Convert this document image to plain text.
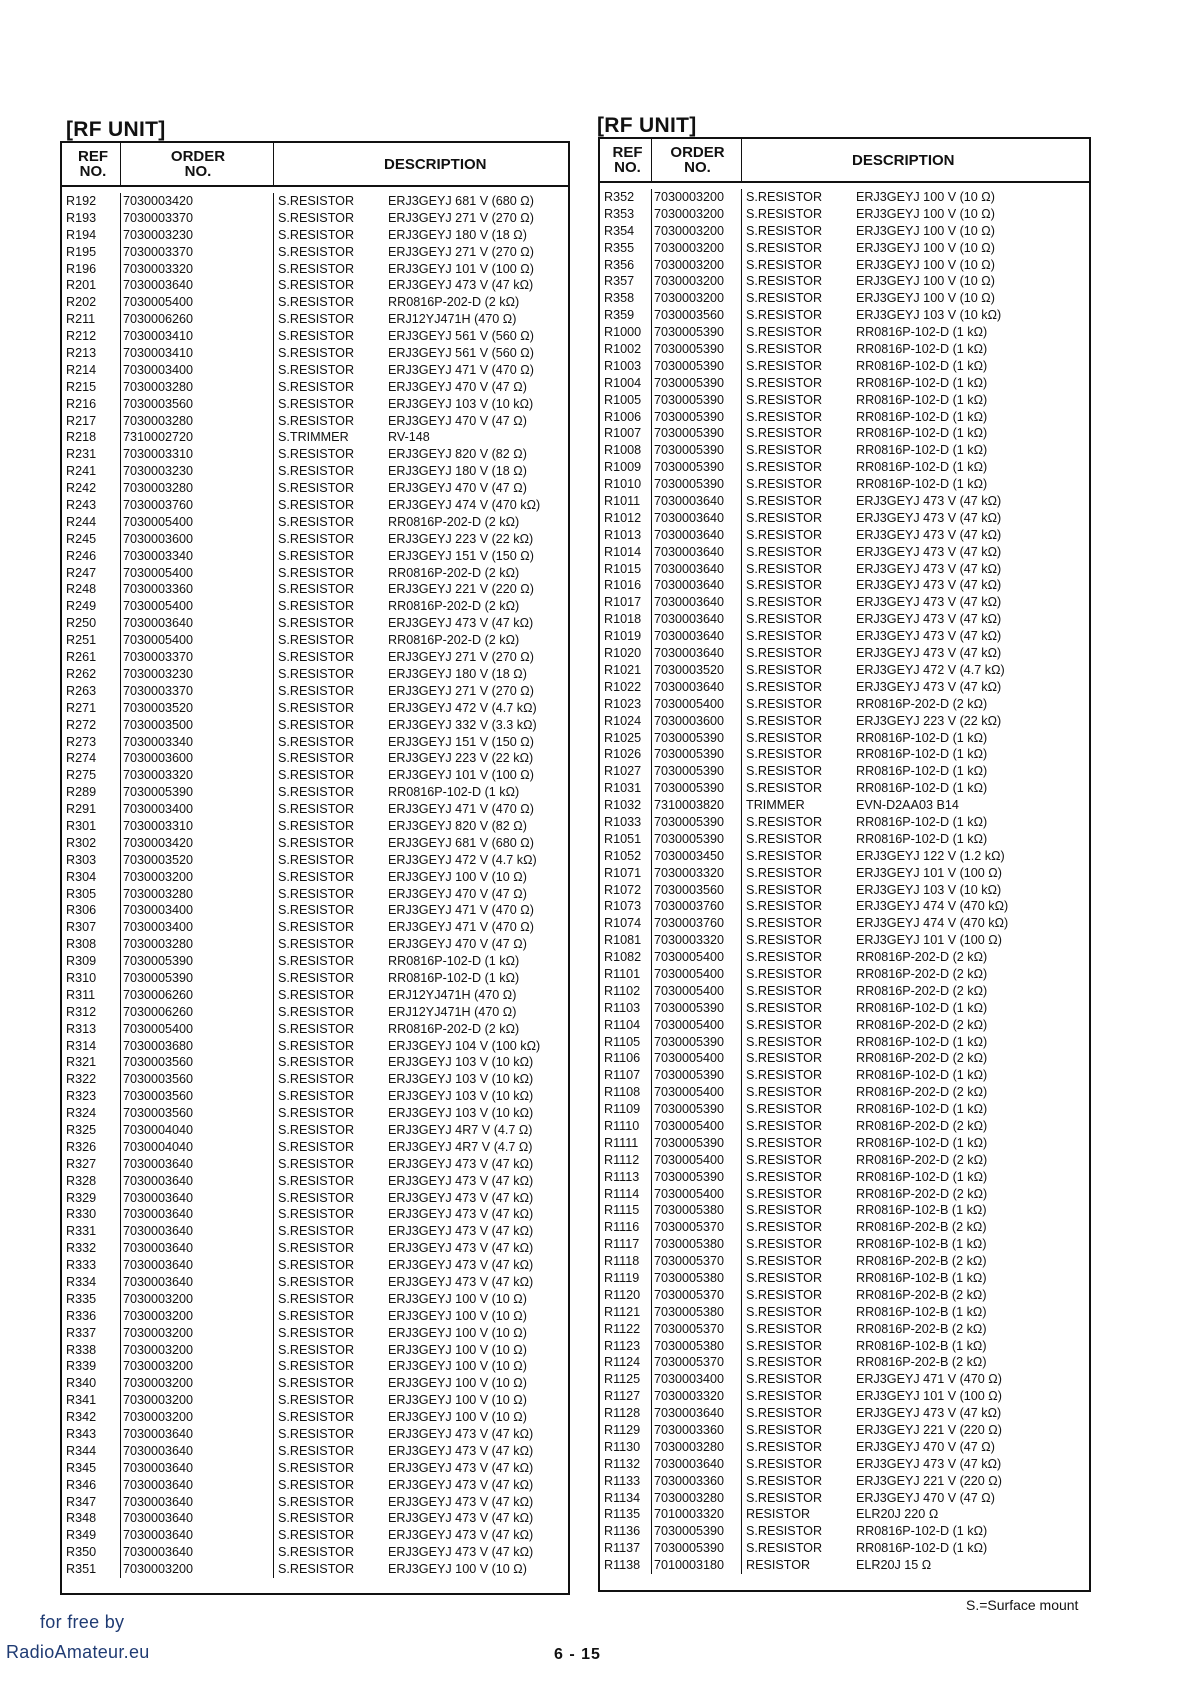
[RF UNIT]
REF
NO.
ORDER
NO.	DESCRIPTION
R192	7030003420	S.RESISTOR	ERJ3GEYJ 681 V (680 Ω)
R193	7030003370	S.RESISTOR	ERJ3GEYJ 271 V (270 Ω)
R194	7030003230	S.RESISTOR	ERJ3GEYJ 180 V (18 Ω)
R195	7030003370	S.RESISTOR	ERJ3GEYJ 271 V (270 Ω)
R196	7030003320	S.RESISTOR	ERJ3GEYJ 101 V (100 Ω)
R201	7030003640	S.RESISTOR	ERJ3GEYJ 473 V (47 kΩ)
R202	7030005400	S.RESISTOR	RR0816P-202-D (2 kΩ)
R211	7030006260	S.RESISTOR	ERJ12YJ471H (470 Ω)
R212	7030003410	S.RESISTOR	ERJ3GEYJ 561 V (560 Ω)
R213	7030003410	S.RESISTOR	ERJ3GEYJ 561 V (560 Ω)
R214	7030003400	S.RESISTOR	ERJ3GEYJ 471 V (470 Ω)
R215	7030003280	S.RESISTOR	ERJ3GEYJ 470 V (47 Ω)
R216	7030003560	S.RESISTOR	ERJ3GEYJ 103 V (10 kΩ)
R217	7030003280	S.RESISTOR	ERJ3GEYJ 470 V (47 Ω)
R218	7310002720	S.TRIMMER	RV-148
R231	7030003310	S.RESISTOR	ERJ3GEYJ 820 V (82 Ω)
R241	7030003230	S.RESISTOR	ERJ3GEYJ 180 V (18 Ω)
R242	7030003280	S.RESISTOR	ERJ3GEYJ 470 V (47 Ω)
R243	7030003760	S.RESISTOR	ERJ3GEYJ 474 V (470 kΩ)
R244	7030005400	S.RESISTOR	RR0816P-202-D (2 kΩ)
R245	7030003600	S.RESISTOR	ERJ3GEYJ 223 V (22 kΩ)
R246	7030003340	S.RESISTOR	ERJ3GEYJ 151 V (150 Ω)
R247	7030005400	S.RESISTOR	RR0816P-202-D (2 kΩ)
R248	7030003360	S.RESISTOR	ERJ3GEYJ 221 V (220 Ω)
R249	7030005400	S.RESISTOR	RR0816P-202-D (2 kΩ)
R250	7030003640	S.RESISTOR	ERJ3GEYJ 473 V (47 kΩ)
R251	7030005400	S.RESISTOR	RR0816P-202-D (2 kΩ)
R261	7030003370	S.RESISTOR	ERJ3GEYJ 271 V (270 Ω)
R262	7030003230	S.RESISTOR	ERJ3GEYJ 180 V (18 Ω)
R263	7030003370	S.RESISTOR	ERJ3GEYJ 271 V (270 Ω)
R271	7030003520	S.RESISTOR	ERJ3GEYJ 472 V (4.7 kΩ)
R272	7030003500	S.RESISTOR	ERJ3GEYJ 332 V (3.3 kΩ)
R273	7030003340	S.RESISTOR	ERJ3GEYJ 151 V (150 Ω)
R274	7030003600	S.RESISTOR	ERJ3GEYJ 223 V (22 kΩ)
R275	7030003320	S.RESISTOR	ERJ3GEYJ 101 V (100 Ω)
R289	7030005390	S.RESISTOR	RR0816P-102-D (1 kΩ)
R291	7030003400	S.RESISTOR	ERJ3GEYJ 471 V (470 Ω)
R301	7030003310	S.RESISTOR	ERJ3GEYJ 820 V (82 Ω)
R302	7030003420	S.RESISTOR	ERJ3GEYJ 681 V (680 Ω)
R303	7030003520	S.RESISTOR	ERJ3GEYJ 472 V (4.7 kΩ)
R304	7030003200	S.RESISTOR	ERJ3GEYJ 100 V (10 Ω)
R305	7030003280	S.RESISTOR	ERJ3GEYJ 470 V (47 Ω)
R306	7030003400	S.RESISTOR	ERJ3GEYJ 471 V (470 Ω)
R307	7030003400	S.RESISTOR	ERJ3GEYJ 471 V (470 Ω)
R308	7030003280	S.RESISTOR	ERJ3GEYJ 470 V (47 Ω)
R309	7030005390	S.RESISTOR	RR0816P-102-D (1 kΩ)
R310	7030005390	S.RESISTOR	RR0816P-102-D (1 kΩ)
R311	7030006260	S.RESISTOR	ERJ12YJ471H (470 Ω)
R312	7030006260	S.RESISTOR	ERJ12YJ471H (470 Ω)
R313	7030005400	S.RESISTOR	RR0816P-202-D (2 kΩ)
R314	7030003680	S.RESISTOR	ERJ3GEYJ 104 V (100 kΩ)
R321	7030003560	S.RESISTOR	ERJ3GEYJ 103 V (10 kΩ)
R322	7030003560	S.RESISTOR	ERJ3GEYJ 103 V (10 kΩ)
R323	7030003560	S.RESISTOR	ERJ3GEYJ 103 V (10 kΩ)
R324	7030003560	S.RESISTOR	ERJ3GEYJ 103 V (10 kΩ)
R325	7030004040	S.RESISTOR	ERJ3GEYJ 4R7 V (4.7 Ω)
R326	7030004040	S.RESISTOR	ERJ3GEYJ 4R7 V (4.7 Ω)
R327	7030003640	S.RESISTOR	ERJ3GEYJ 473 V (47 kΩ)
R328	7030003640	S.RESISTOR	ERJ3GEYJ 473 V (47 kΩ)
R329	7030003640	S.RESISTOR	ERJ3GEYJ 473 V (47 kΩ)
R330	7030003640	S.RESISTOR	ERJ3GEYJ 473 V (47 kΩ)
R331	7030003640	S.RESISTOR	ERJ3GEYJ 473 V (47 kΩ)
R332	7030003640	S.RESISTOR	ERJ3GEYJ 473 V (47 kΩ)
R333	7030003640	S.RESISTOR	ERJ3GEYJ 473 V (47 kΩ)
R334	7030003640	S.RESISTOR	ERJ3GEYJ 473 V (47 kΩ)
R335	7030003200	S.RESISTOR	ERJ3GEYJ 100 V (10 Ω)
R336	7030003200	S.RESISTOR	ERJ3GEYJ 100 V (10 Ω)
R337	7030003200	S.RESISTOR	ERJ3GEYJ 100 V (10 Ω)
R338	7030003200	S.RESISTOR	ERJ3GEYJ 100 V (10 Ω)
R339	7030003200	S.RESISTOR	ERJ3GEYJ 100 V (10 Ω)
R340	7030003200	S.RESISTOR	ERJ3GEYJ 100 V (10 Ω)
R341	7030003200	S.RESISTOR	ERJ3GEYJ 100 V (10 Ω)
R342	7030003200	S.RESISTOR	ERJ3GEYJ 100 V (10 Ω)
R343	7030003640	S.RESISTOR	ERJ3GEYJ 473 V (47 kΩ)
R344	7030003640	S.RESISTOR	ERJ3GEYJ 473 V (47 kΩ)
R345	7030003640	S.RESISTOR	ERJ3GEYJ 473 V (47 kΩ)
R346	7030003640	S.RESISTOR	ERJ3GEYJ 473 V (47 kΩ)
R347	7030003640	S.RESISTOR	ERJ3GEYJ 473 V (47 kΩ)
R348	7030003640	S.RESISTOR	ERJ3GEYJ 473 V (47 kΩ)
R349	7030003640	S.RESISTOR	ERJ3GEYJ 473 V (47 kΩ)
R350	7030003640	S.RESISTOR	ERJ3GEYJ 473 V (47 kΩ)
R351	7030003200	S.RESISTOR	ERJ3GEYJ 100 V (10 Ω)
[RF UNIT]
REF
NO.
ORDER
NO.	DESCRIPTION
R352	7030003200	S.RESISTOR	ERJ3GEYJ 100 V (10 Ω)
R353	7030003200	S.RESISTOR	ERJ3GEYJ 100 V (10 Ω)
R354	7030003200	S.RESISTOR	ERJ3GEYJ 100 V (10 Ω)
R355	7030003200	S.RESISTOR	ERJ3GEYJ 100 V (10 Ω)
R356	7030003200	S.RESISTOR	ERJ3GEYJ 100 V (10 Ω)
R357	7030003200	S.RESISTOR	ERJ3GEYJ 100 V (10 Ω)
R358	7030003200	S.RESISTOR	ERJ3GEYJ 100 V (10 Ω)
R359	7030003560	S.RESISTOR	ERJ3GEYJ 103 V (10 kΩ)
R1000	7030005390	S.RESISTOR	RR0816P-102-D (1 kΩ)
R1002	7030005390	S.RESISTOR	RR0816P-102-D (1 kΩ)
R1003	7030005390	S.RESISTOR	RR0816P-102-D (1 kΩ)
R1004	7030005390	S.RESISTOR	RR0816P-102-D (1 kΩ)
R1005	7030005390	S.RESISTOR	RR0816P-102-D (1 kΩ)
R1006	7030005390	S.RESISTOR	RR0816P-102-D (1 kΩ)
R1007	7030005390	S.RESISTOR	RR0816P-102-D (1 kΩ)
R1008	7030005390	S.RESISTOR	RR0816P-102-D (1 kΩ)
R1009	7030005390	S.RESISTOR	RR0816P-102-D (1 kΩ)
R1010	7030005390	S.RESISTOR	RR0816P-102-D (1 kΩ)
R1011	7030003640	S.RESISTOR	ERJ3GEYJ 473 V (47 kΩ)
R1012	7030003640	S.RESISTOR	ERJ3GEYJ 473 V (47 kΩ)
R1013	7030003640	S.RESISTOR	ERJ3GEYJ 473 V (47 kΩ)
R1014	7030003640	S.RESISTOR	ERJ3GEYJ 473 V (47 kΩ)
R1015	7030003640	S.RESISTOR	ERJ3GEYJ 473 V (47 kΩ)
R1016	7030003640	S.RESISTOR	ERJ3GEYJ 473 V (47 kΩ)
R1017	7030003640	S.RESISTOR	ERJ3GEYJ 473 V (47 kΩ)
R1018	7030003640	S.RESISTOR	ERJ3GEYJ 473 V (47 kΩ)
R1019	7030003640	S.RESISTOR	ERJ3GEYJ 473 V (47 kΩ)
R1020	7030003640	S.RESISTOR	ERJ3GEYJ 473 V (47 kΩ)
R1021	7030003520	S.RESISTOR	ERJ3GEYJ 472 V (4.7 kΩ)
R1022	7030003640	S.RESISTOR	ERJ3GEYJ 473 V (47 kΩ)
R1023	7030005400	S.RESISTOR	RR0816P-202-D (2 kΩ)
R1024	7030003600	S.RESISTOR	ERJ3GEYJ 223 V (22 kΩ)
R1025	7030005390	S.RESISTOR	RR0816P-102-D (1 kΩ)
R1026	7030005390	S.RESISTOR	RR0816P-102-D (1 kΩ)
R1027	7030005390	S.RESISTOR	RR0816P-102-D (1 kΩ)
R1031	7030005390	S.RESISTOR	RR0816P-102-D (1 kΩ)
R1032	7310003820	TRIMMER	EVN-D2AA03 B14
R1033	7030005390	S.RESISTOR	RR0816P-102-D (1 kΩ)
R1051	7030005390	S.RESISTOR	RR0816P-102-D (1 kΩ)
R1052	7030003450	S.RESISTOR	ERJ3GEYJ 122 V (1.2 kΩ)
R1071	7030003320	S.RESISTOR	ERJ3GEYJ 101 V (100 Ω)
R1072	7030003560	S.RESISTOR	ERJ3GEYJ 103 V (10 kΩ)
R1073	7030003760	S.RESISTOR	ERJ3GEYJ 474 V (470 kΩ)
R1074	7030003760	S.RESISTOR	ERJ3GEYJ 474 V (470 kΩ)
R1081	7030003320	S.RESISTOR	ERJ3GEYJ 101 V (100 Ω)
R1082	7030005400	S.RESISTOR	RR0816P-202-D (2 kΩ)
R1101	7030005400	S.RESISTOR	RR0816P-202-D (2 kΩ)
R1102	7030005400	S.RESISTOR	RR0816P-202-D (2 kΩ)
R1103	7030005390	S.RESISTOR	RR0816P-102-D (1 kΩ)
R1104	7030005400	S.RESISTOR	RR0816P-202-D (2 kΩ)
R1105	7030005390	S.RESISTOR	RR0816P-102-D (1 kΩ)
R1106	7030005400	S.RESISTOR	RR0816P-202-D (2 kΩ)
R1107	7030005390	S.RESISTOR	RR0816P-102-D (1 kΩ)
R1108	7030005400	S.RESISTOR	RR0816P-202-D (2 kΩ)
R1109	7030005390	S.RESISTOR	RR0816P-102-D (1 kΩ)
R1110	7030005400	S.RESISTOR	RR0816P-202-D (2 kΩ)
R1111	7030005390	S.RESISTOR	RR0816P-102-D (1 kΩ)
R1112	7030005400	S.RESISTOR	RR0816P-202-D (2 kΩ)
R1113	7030005390	S.RESISTOR	RR0816P-102-D (1 kΩ)
R1114	7030005400	S.RESISTOR	RR0816P-202-D (2 kΩ)
R1115	7030005380	S.RESISTOR	RR0816P-102-B (1 kΩ)
R1116	7030005370	S.RESISTOR	RR0816P-202-B (2 kΩ)
R1117	7030005380	S.RESISTOR	RR0816P-102-B (1 kΩ)
R1118	7030005370	S.RESISTOR	RR0816P-202-B (2 kΩ)
R1119	7030005380	S.RESISTOR	RR0816P-102-B (1 kΩ)
R1120	7030005370	S.RESISTOR	RR0816P-202-B (2 kΩ)
R1121	7030005380	S.RESISTOR	RR0816P-102-B (1 kΩ)
R1122	7030005370	S.RESISTOR	RR0816P-202-B (2 kΩ)
R1123	7030005380	S.RESISTOR	RR0816P-102-B (1 kΩ)
R1124	7030005370	S.RESISTOR	RR0816P-202-B (2 kΩ)
R1125	7030003400	S.RESISTOR	ERJ3GEYJ 471 V (470 Ω)
R1127	7030003320	S.RESISTOR	ERJ3GEYJ 101 V (100 Ω)
R1128	7030003640	S.RESISTOR	ERJ3GEYJ 473 V (47 kΩ)
R1129	7030003360	S.RESISTOR	ERJ3GEYJ 221 V (220 Ω)
R1130	7030003280	S.RESISTOR	ERJ3GEYJ 470 V (47 Ω)
R1132	7030003640	S.RESISTOR	ERJ3GEYJ 473 V (47 kΩ)
R1133	7030003360	S.RESISTOR	ERJ3GEYJ 221 V (220 Ω)
R1134	7030003280	S.RESISTOR	ERJ3GEYJ 470 V (47 Ω)
R1135	7010003320	RESISTOR	ELR20J 220 Ω
R1136	7030005390	S.RESISTOR	RR0816P-102-D (1 kΩ)
R1137	7030005390	S.RESISTOR	RR0816P-102-D (1 kΩ)
R1138	7010003180	RESISTOR	ELR20J 15 Ω
S.=Surface mount
for free by
RadioAmateur.eu	6 - 15
